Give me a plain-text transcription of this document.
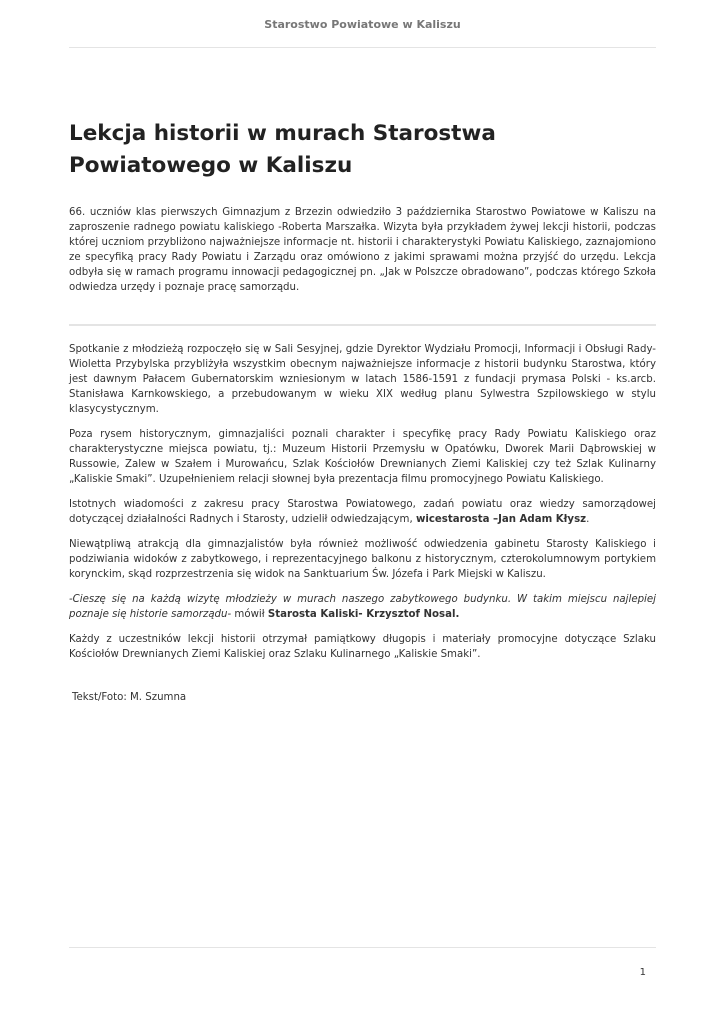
Starostwo Powiatowe w Kaliszu
Lekcja historii w murach Starostwa Powiatowego w Kaliszu

66. uczniów klas pierwszych Gimnazjum z Brzezin odwiedziło 3 października Starostwo Powiatowe w Kaliszu na zaproszenie radnego powiatu kaliskiego -Roberta Marszałka. Wizyta była przykładem żywej lekcji historii, podczas której uczniom przybliżono najważniejsze informacje nt. historii i charakterystyki Powiatu Kaliskiego, zaznajomiono ze specyfiką pracy Rady Powiatu i Zarządu oraz omówiono z jakimi sprawami można przyjść do urzędu. Lekcja odbyła się w ramach programu innowacji pedagogicznej pn. „Jak w Polszcze obradowano”, podczas którego Szkoła odwiedza urzędy i poznaje pracę samorządu.

Spotkanie z młodzieżą rozpoczęło się w Sali Sesyjnej, gdzie Dyrektor Wydziału Promocji, Informacji i Obsługi Rady- Wioletta Przybylska przybliżyła wszystkim obecnym najważniejsze informacje z historii budynku Starostwa, który jest dawnym Pałacem Gubernatorskim wzniesionym w latach 1586-1591 z fundacji prymasa Polski - ks.arcb. Stanisława Karnkowskiego, a przebudowanym w wieku XIX według planu Sylwestra Szpilowskiego w stylu klasycystycznym.

Poza rysem historycznym, gimnazjaliści poznali charakter i specyfikę pracy Rady Powiatu Kaliskiego oraz charakterystyczne miejsca powiatu, tj.: Muzeum Historii Przemysłu w Opatówku, Dworek Marii Dąbrowskiej w Russowie, Zalew w Szałem i Murowańcu, Szlak Kościołów Drewnianych Ziemi Kaliskiej czy też Szlak Kulinarny „Kaliskie Smaki”. Uzupełnieniem relacji słownej była prezentacja filmu promocyjnego Powiatu Kaliskiego.

Istotnych wiadomości z zakresu pracy Starostwa Powiatowego, zadań powiatu oraz wiedzy samorządowej dotyczącej działalności Radnych i Starosty, udzielił odwiedzającym, wicestarosta –Jan Adam Kłysz.

Niewątpliwą atrakcją dla gimnazjalistów była również możliwość odwiedzenia gabinetu Starosty Kaliskiego i podziwiania widoków z zabytkowego, i reprezentacyjnego balkonu z historycznym, czterokolumnowym portykiem korynckim, skąd rozprzestrzenia się widok na Sanktuarium Św. Józefa i Park Miejski w Kaliszu.

-Cieszę się na każdą wizytę młodzieży w murach naszego zabytkowego budynku. W takim miejscu najlepiej poznaje się historie samorządu- mówił Starosta Kaliski- Krzysztof Nosal.

Każdy z uczestników lekcji historii otrzymał pamiątkowy długopis i materiały promocyjne dotyczące Szlaku Kościołów Drewnianych Ziemi Kaliskiej oraz Szlaku Kulinarnego „Kaliskie Smaki”.

Tekst/Foto: M. Szumna
1
